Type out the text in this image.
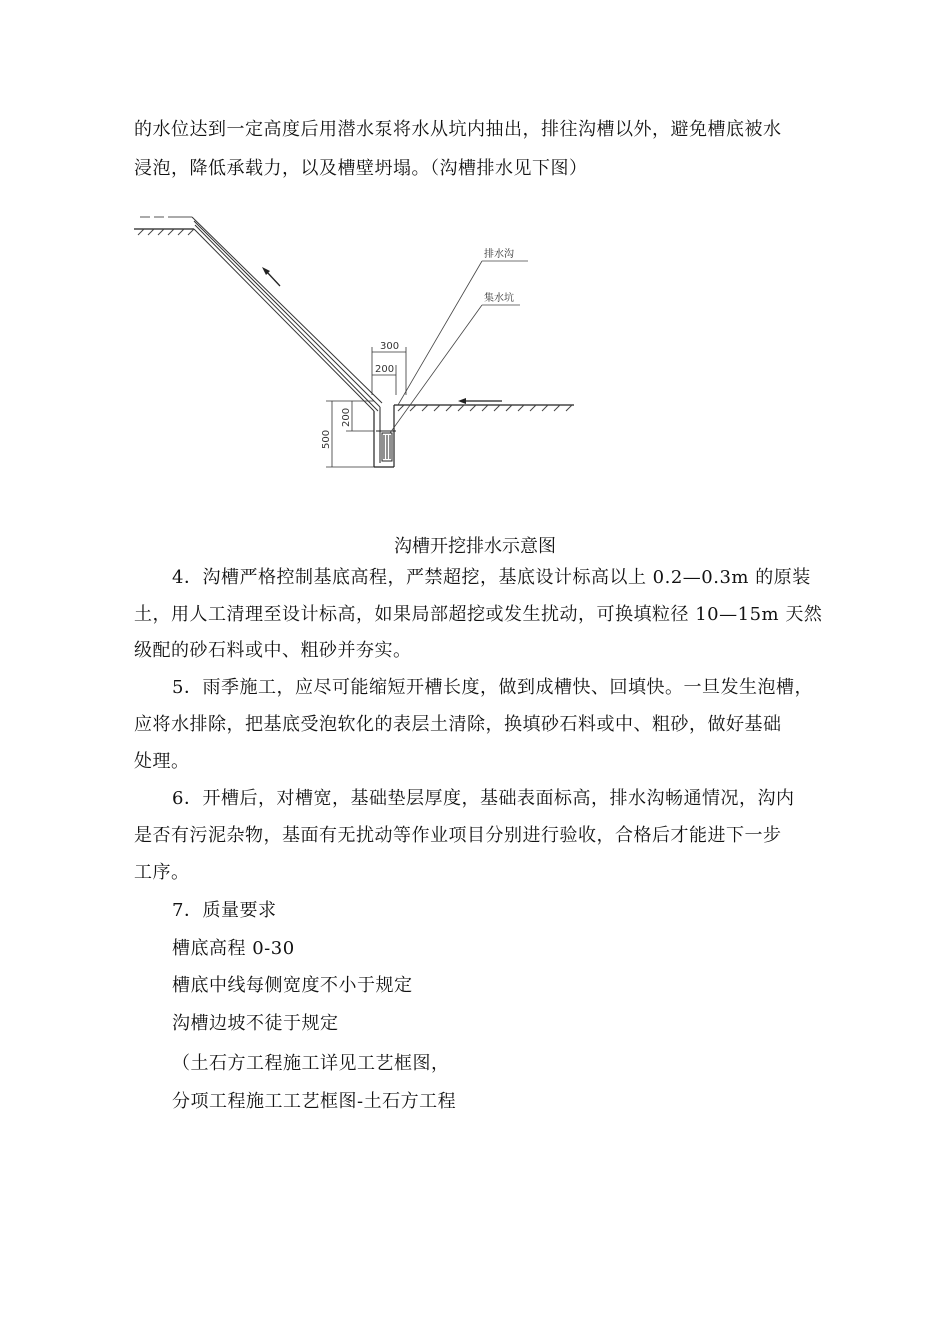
的水位达到一定高度后用潜水泵将水从坑内抽出，排往沟槽以外，避免槽底被水
浸泡，降低承载力，以及槽壁坍塌。（沟槽排水见下图）
排水沟
集水坑
300
200
500
200
沟槽开挖排水示意图
4．沟槽严格控制基底高程，严禁超挖，基底设计标高以上 0.2—0.3m 的原装
土，用人工清理至设计标高，如果局部超挖或发生扰动，可换填粒径 10—15m 天然
级配的砂石料或中、粗砂并夯实。
5．雨季施工，应尽可能缩短开槽长度，做到成槽快、回填快。一旦发生泡槽，
应将水排除，把基底受泡软化的表层土清除，换填砂石料或中、粗砂，做好基础
处理。
6．开槽后，对槽宽，基础垫层厚度，基础表面标高，排水沟畅通情况，沟内
是否有污泥杂物，基面有无扰动等作业项目分别进行验收，合格后才能进下一步
工序。
7．质量要求
槽底高程 0-30
槽底中线每侧宽度不小于规定
沟槽边坡不徒于规定
（土石方工程施工详见工艺框图，
分项工程施工工艺框图-土石方工程
